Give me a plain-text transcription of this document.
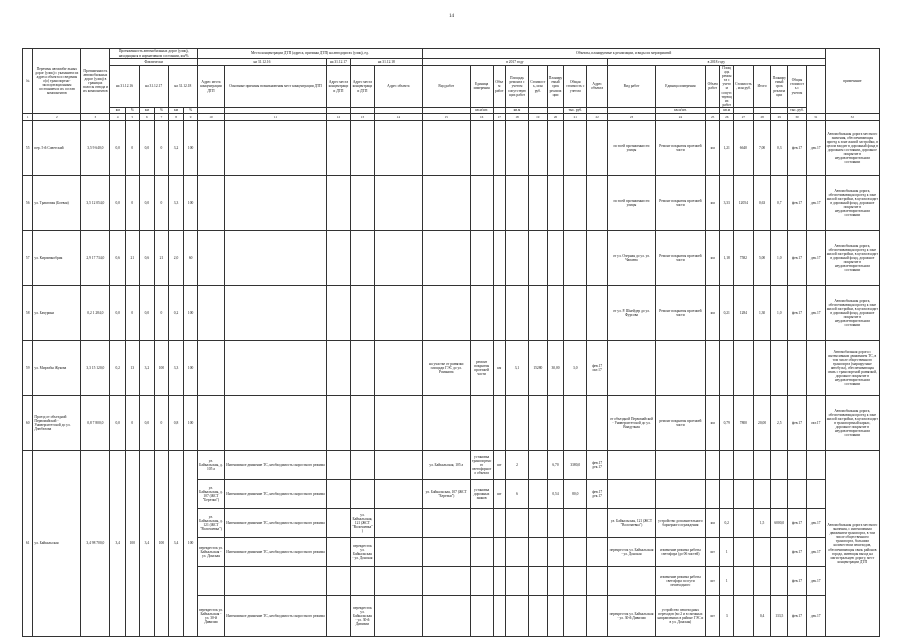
14
№	Перечень автомоби-льных дорог (улиц) с указанием их адреса объекта и сведения о(о) транспортно-эксплуатационным состоянием и их состав компонентов	Протяженность автомобильных дорог (улиц) в границах полосы отвода и их компонентов	Протяженность автомобильных дорог (улиц), находящаяся в нормативном состоянии, км/%						Места концентрации ДТП (адреса, причины ДТП) на автодорогах (улиц), ед.					Объекты, планируемые к реализации, и виды их мероприятий																	примечание
			Фактически						на 31.12.16		на 31.12.17	на 31.12.18		в 2017 году								в 2018 году									
			на 31.12.16		на 31.12.17		на 31.12.18		Адрес места концентрации ДТП	Основные причины возникновения мест концентрации ДТП	Адрес места концентрации ДТП	Адрес места концентрации ДТП	Адрес объекта	Вид работ	Единица измерения	Объем работ	Площадь ремонта с учетом сопутствующих работ	Стоимость, млн руб.	Планируемый срок реализации	Общая стоимость с учетом	Адрес объекта	Вид работ	Единица измерения	Объем работ	Площадь ремонта с учетом сопутствующих работ	Стоимость, млн руб.	Итого	Планируемый срок реализации	Общая стоимость с учетом		
			км	%	км	%	км	%							кв.м/шт.		кв.м			тыс. руб.			кв.м/шт.		кв.м				тыс. руб.		
1	2	3	4	5	6	7	8	9	10	11	12	13	14	15	16	17	18	19	20	21	22	23	24	25	26	27	28	29	30	31	32
55	пер. 5-й Советский	3,5 9 640,0	0,0	0	0,0	0	3,2	100														по всей протяженности улицы	Ремонт покрытия проезжей части	км	1,21	6640	7,00	0,3	фев.17	дек.17	Автомобильная дорога местного значения, обеспечивающая проезд к зоне жилой застройки, в целом входит в дорожный фонд в дорожном состоянии, дорожное покрытие в неудовлетворительном состоянии
56	ул. Трактовая (Боевая)	3,5 12 054,0	0,0	0	0,0	0	3,3	100														по всей протяженности улицы	Ремонт покрытия проезжей части	км	3,33	12054	0,63	0,7	фев.17	дек.17	Автомобильная дорога, обеспечивающая проезд к зоне жилой застройки, в целом входит в дорожный фонд, дорожное покрытие в неудовлетворительном состоянии
57	ул. Кирпичнобрик	2,9 17 734,0	0,6	21	0,6	21	2,0	60														от ул. Озерная до ул. ул. Чапаева	Ремонт покрытия проезжей части	км	1,18	7582	5,00	1,0	фев.17	дек.17	Автомобильная дорога, обеспечивающая проезд к зоне жилой застройки, в целом входит в дорожный фонд, дорожное покрытие в неудовлетворительном состоянии
58	ул. Бачурина	0,2 1 284,0	0,0	0	0,0	0	0,2	100														от ул. Р. Шнейдер до ул. Фурсова	Ремонт покрытия проезжей части	км	0,21	1284	1,30	1,0	фев.17	дек.17	Автомобильная дорога, обеспечивающая проезд к зоне жилой застройки, в целом входит в дорожный фонд, дорожное покрытие в неудовлетворительном состоянии
59	ул. Мирзабы Жукова	3,3 15 120,0	0,2	13	3,2	100	3,3	100						на участке от развязки площади ГЭС до ул. Романова	ремонт покрытия проезжей части	км	3,1	15280	30,00	3,0	фев.17 окт.17										Автомобильная дорога с интенсивным движением ТС, в том числе общественного транспорта (маршрутные автобусы), обеспечивающая связь с транспортной развязкой, дорожное покрытие в неудовлетворительном состоянии
60	Проезд от объездной Первомайской - Университетской до ул. Дзюбелова	0,8 7 800,0	0,0	0	0,0	0	0,8	100														от объездной Первомайской - Университетской до ул. Виадучная	ремонт покрытия проезжей части	км	0,79	7800	20,00	2,5	фев.17	окт.17	Автомобильная дорога, обеспечивающая проезд к зоне жилой застройки, в целом входит в транспортный каркас, дорожное покрытие в неудовлетворительном состоянии
61	ул. Байкальская	3,4 98 700,0	3,4	100	3,4	100	3,4	100	ул. Байкальская, д. 105 а	Интенсивное движение ТС, необходимость скоростного режима				ул. Байкальская, 105 а	установка транспортного светофорного объекта	шт	2		6,70	3380,0	фев.17 дек.17										Автомобильная дорога местного значения, с интенсивным движением транспорта, в том числе общественного транспорта, большим количеством пешеходов, обеспечивающая связь районов города, имеющая выход на магистральную дорогу, мест концентрации ДТП
									ул. Байкальская, д. 107 (ЖСТ "Березки")	Интенсивное движение ТС, необходимость скоростного режима				ул. Байкальская, 107 (ЖСТ "Березки")	установка дорожных знаков	шт	6		0,54	80,0	фев.17 дек.17										
									ул. Байкальская, д. 121 (ЖСТ "Волочаевка")	Интенсивное движение ТС, необходимость скоростного режима		ул. Байкальская, 121 (ЖСТ "Волочаевка")										ул. Байкальская, 121 (ЖСТ "Волочаевка")	устройство дополнительного барьерного ограждения	км	0,2		1,5	6000,0	фев.17	дек.17	
									перекресток ул. Байкальская - ул. Донская	Интенсивное движение ТС, необходимость скоростного режима		перекресток ул. Байкальская - ул. Донская										перекресток ул. Байкальская - ул. Донская	изменение режима работы светофора (до 06 частей)	шт	1				фев.17	дек.17	
																							изменение режима работы светофора по пути пешеходного	шт	1				фев.17	дек.17	
									перекресток ул. Байкальская - ул. 30-й Дивизии	Интенсивное движение ТС, необходимость скоростного режима		перекресток ул. Байкальская - ул. 30-й Дивизии										перекресток ул. Байкальская - ул. 30-й Дивизии	устройство пешеходных переходов (во 2 и в смежных направлениях в районе ГЭС и в ул. Донская)	шт	3		0,4	133,5	фев.17	дек.17	
